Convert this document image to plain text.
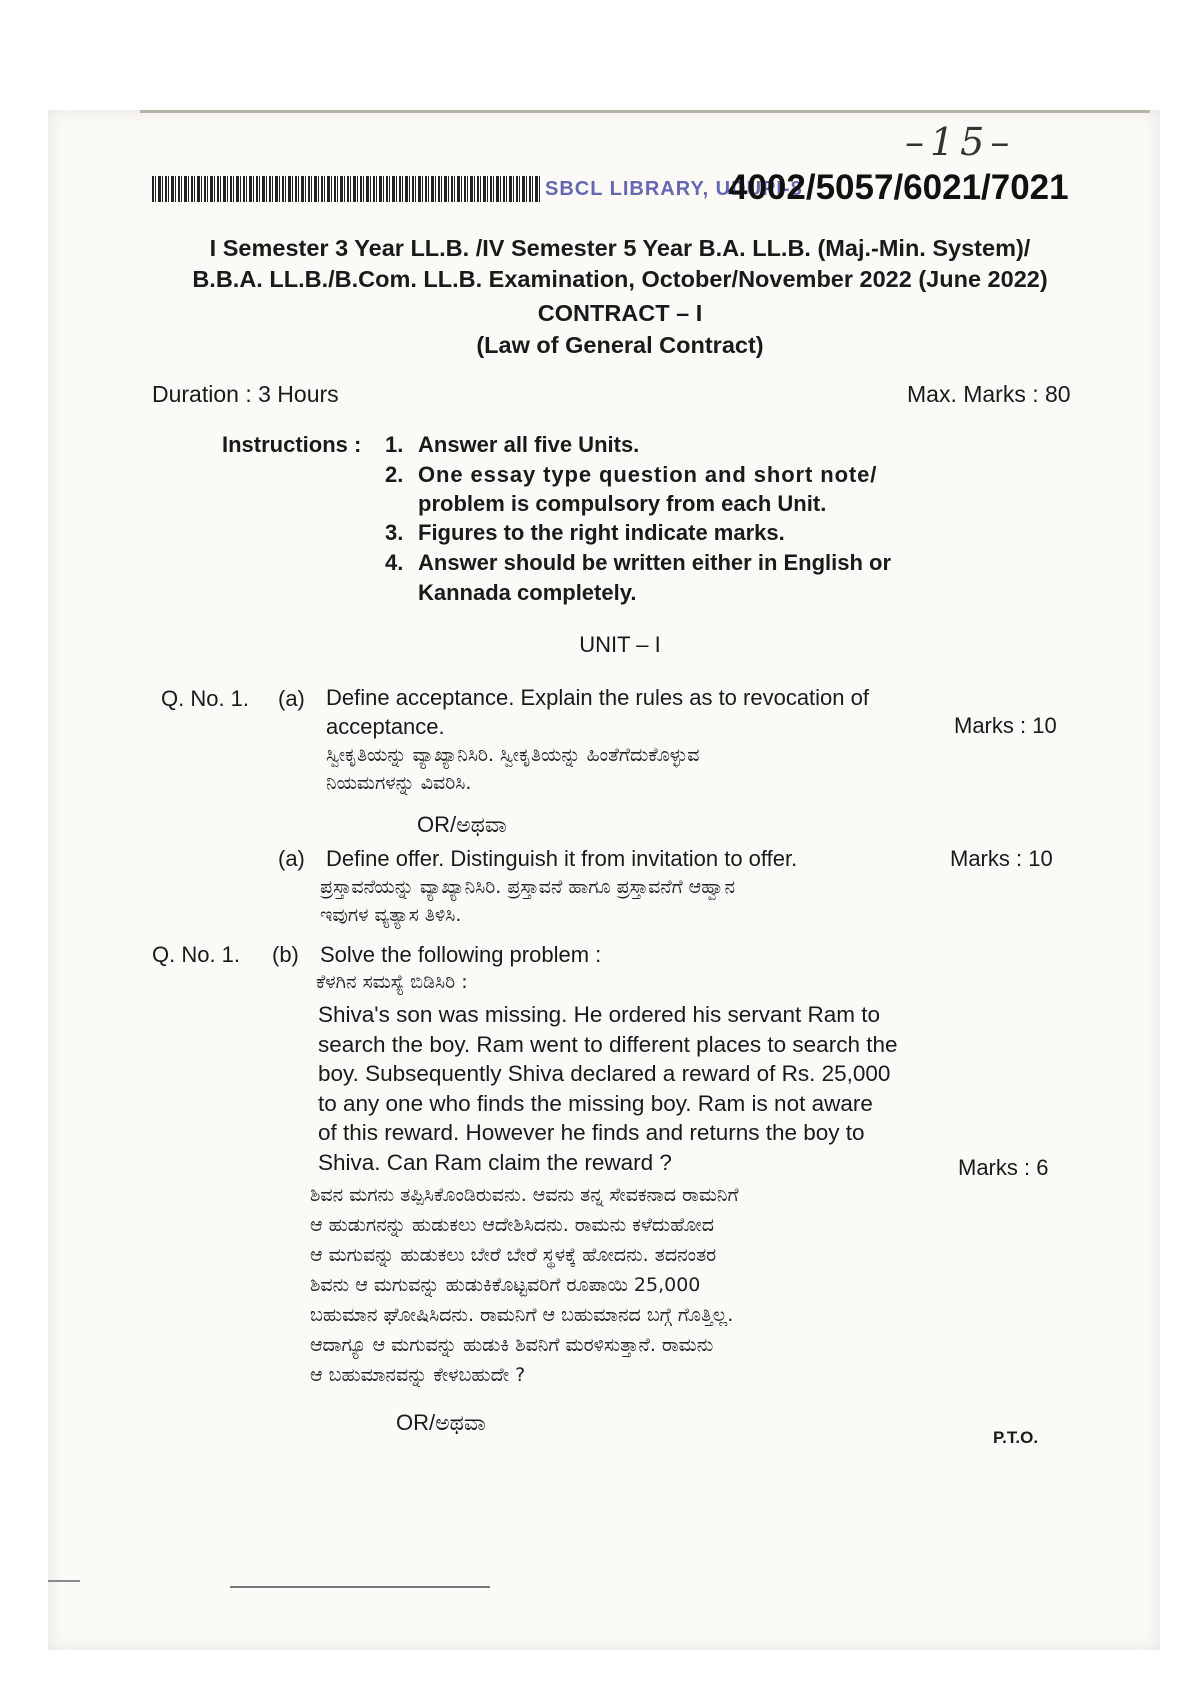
–15–
SBCL LIBRARY, UDUPI-8
4002/5057/6021/7021
I Semester 3 Year LL.B. /IV Semester 5 Year B.A. LL.B. (Maj.-Min. System)/
B.B.A. LL.B./B.Com. LL.B. Examination, October/November 2022 (June 2022)
CONTRACT – I
(Law of General Contract)
Duration : 3 Hours	Max. Marks : 80
Instructions : 1. Answer all five Units.
2. One essay type question and short note/
problem is compulsory from each Unit.
3. Figures to the right indicate marks.
4. Answer should be written either in English or
Kannada completely.
UNIT – I
Q. No. 1. (a) Define acceptance. Explain the rules as to revocation of
acceptance.	Marks : 10
ಸ್ವೀಕೃತಿಯನ್ನು ವ್ಯಾಖ್ಯಾನಿಸಿರಿ. ಸ್ವೀಕೃತಿಯನ್ನು ಹಿಂತೆಗೆದುಕೊಳ್ಳುವ
ನಿಯಮಗಳನ್ನು ವಿವರಿಸಿ.
OR/ಅಥವಾ
(a) Define offer. Distinguish it from invitation to offer.	Marks : 10
ಪ್ರಸ್ತಾವನೆಯನ್ನು ವ್ಯಾಖ್ಯಾನಿಸಿರಿ. ಪ್ರಸ್ತಾವನೆ ಹಾಗೂ ಪ್ರಸ್ತಾವನೆಗೆ ಆಹ್ವಾನ
ಇವುಗಳ ವ್ಯತ್ಯಾಸ ತಿಳಿಸಿ.
Q. No. 1. (b) Solve the following problem :
ಕೆಳಗಿನ ಸಮಸ್ಯೆ ಬಿಡಿಸಿರಿ :
Shiva's son was missing. He ordered his servant Ram to
search the boy. Ram went to different places to search the
boy. Subsequently Shiva declared a reward of Rs. 25,000
to any one who finds the missing boy. Ram is not aware
of this reward. However he finds and returns the boy to
Shiva. Can Ram claim the reward ?	Marks : 6
ಶಿವನ ಮಗನು ತಪ್ಪಿಸಿಕೊಂಡಿರುವನು. ಆವನು ತನ್ನ ಸೇವಕನಾದ ರಾಮನಿಗೆ
ಆ ಹುಡುಗನನ್ನು ಹುಡುಕಲು ಆದೇಶಿಸಿದನು. ರಾಮನು ಕಳೆದುಹೋದ
ಆ ಮಗುವನ್ನು ಹುಡುಕಲು ಬೇರೆ ಬೇರೆ ಸ್ಥಳಕ್ಕೆ ಹೋದನು. ತದನಂತರ
ಶಿವನು ಆ ಮಗುವನ್ನು ಹುಡುಕಿಕೊಟ್ಟವರಿಗೆ ರೂಪಾಯಿ 25,000
ಬಹುಮಾನ ಘೋಷಿಸಿದನು. ರಾಮನಿಗೆ ಆ ಬಹುಮಾನದ ಬಗ್ಗೆ ಗೊತ್ತಿಲ್ಲ.
ಆದಾಗ್ಯೂ ಆ ಮಗುವನ್ನು ಹುಡುಕಿ ಶಿವನಿಗೆ ಮರಳಿಸುತ್ತಾನೆ. ರಾಮನು
ಆ ಬಹುಮಾನವನ್ನು ಕೇಳಬಹುದೇ ?
OR/ಅಥವಾ
P.T.O.
